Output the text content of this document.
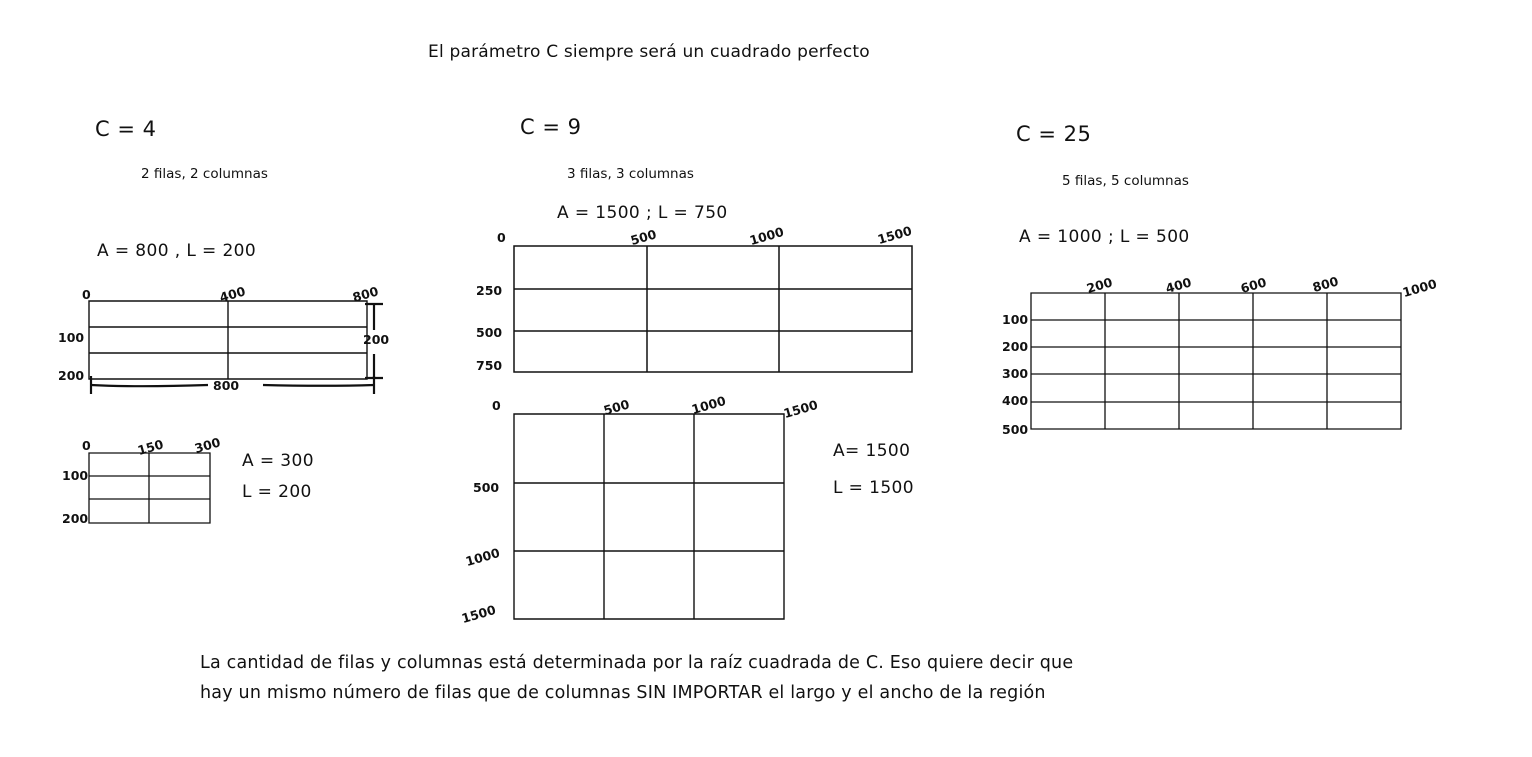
El parámetro C siempre será un cuadrado perfecto
C = 4
2 filas, 2 columnas
A = 800 , L = 200
0	400	800
100
200
800
200
0	150 300
100
200
A = 300
L = 200
C = 9
3 filas, 3 columnas
A = 1500 ; L = 750
0	500	1000	1500
250
500
750
0	500	1000	1500
500
1000
1500
A= 1500
L = 1500
C = 25
5 filas, 5 columnas
A = 1000 ; L = 500
200	400	600	800	1000
100
200
300
400
500
La cantidad de filas y columnas está determinada por la raíz cuadrada de C. Eso quiere decir que
hay un mismo número de filas que de columnas SIN IMPORTAR el largo y el ancho de la región
